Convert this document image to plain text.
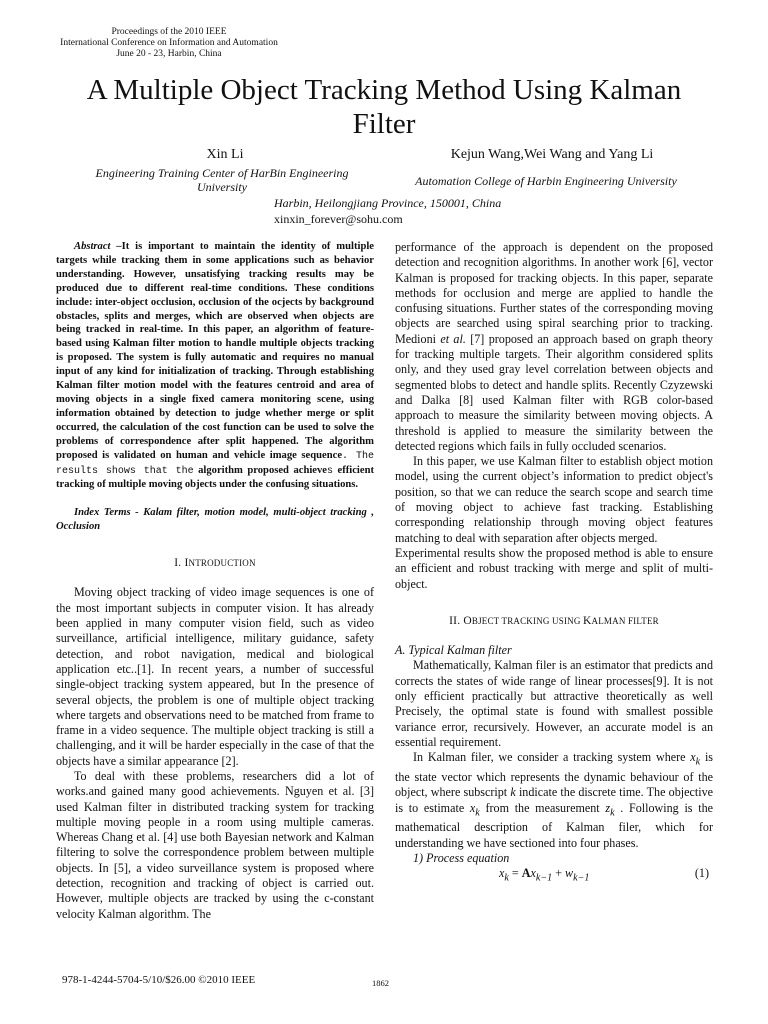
Proceedings of the 2010 IEEE
International Conference on Information and Automation
June 20 - 23, Harbin, China
A Multiple Object Tracking Method Using Kalman Filter
Xin Li	Kejun Wang,Wei Wang and Yang Li
Engineering Training Center of HarBin Engineering University	Automation College of Harbin Engineering University
Harbin, Heilongjiang Province, 150001, China
xinxin_forever@sohu.com

Abstract –It is important to maintain the identity of multiple targets while tracking them in some applications such as behavior understanding. However, unsatisfying tracking results may be produced due to different real-time conditions. These conditions include: inter-object occlusion, occlusion of the ocjects by background obstacles, splits and merges, which are observed when objects are being tracked in real-time. In this paper, an algorithm of feature-based using Kalman filter motion to handle multiple objects tracking is proposed. The system is fully automatic and requires no manual input of any kind for initialization of tracking. Through establishing Kalman filter motion model with the features centroid and area of moving objects in a single fixed camera monitoring scene, using information obtained by detection to judge whether merge or split occurred, the calculation of the cost function can be used to solve the problems of correspondence after split happened. The algorithm proposed is validated on human and vehicle image sequence. The results shows that the algorithm proposed achieves efficient tracking of multiple moving objects under the confusing situations.

Index Terms - Kalam filter, motion model, multi-object tracking , Occlusion

I. INTRODUCTION

Moving object tracking of video image sequences is one of the most important subjects in computer vision. It has already been applied in many computer vision field, such as video surveillance, artificial intelligence, military guidance, safety detection, and robot navigation, medical and biological application etc..[1]. In recent years, a number of successful single-object tracking system appeared, but In the presence of several objects, the problem is one of multiple object tracking where targets and observations need to be matched from frame to frame in a video sequence. The multiple object tracking is still a challenging, and it will be harder especially in the case of that the objects have a similar appearance [2].

To deal with these problems, researchers did a lot of works.and gained many good achievements. Nguyen et al. [3] used Kalman filter in distributed tracking system for tracking multiple moving people in a room using multiple cameras. Whereas Chang et al. [4] use both Bayesian network and Kalman filtering to solve the correspondence problem between multiple objects. In [5], a video surveillance system is proposed where detection, recognition and tracking of object is carried out. However, multiple objects are tracked by using the c-constant velocity Kalman algorithm. The

performance of the approach is dependent on the proposed detection and recognition algorithms. In another work [6], vector Kalman is proposed for tracking objects. In this paper, separate methods for occlusion and merge are applied to handle the confusing situations. Further states of the corresponding moving objects are searched using spiral searching prior to tracking. Medioni et al. [7] proposed an approach based on graph theory for tracking multiple targets. Their algorithm considered splits only, and they used gray level correlation between objects and segmented blobs to detect and handle splits. Recently Czyzewski and Dalka [8] used Kalman filter with RGB color-based approach to measure the similarity between moving objects. A threshold is applied to measure the similarity between the detected regions which fails in fully occluded scenarios.

In this paper, we use Kalman filter to establish object motion model, using the current object’s information to predict object's position, so that we can reduce the search scope and search time of moving object to achieve fast tracking. Establishing corresponding relationship through moving object features matching to deal with separation after objects merged.

Experimental results show the proposed method is able to ensure an efficient and robust tracking with merge and split of multi-object.

II. OBJECT TRACKING USING KALMAN FILTER

A. Typical Kalman filter

Mathematically, Kalman filer is an estimator that predicts and corrects the states of wide range of linear processes[9]. It is not only efficient practically but attractive theoretically as well Precisely, the optimal state is found with smallest possible variance error, recursively. However, an accurate model is an essential requirement.

In Kalman filer, we consider a tracking system where $x_k$ is the state vector which represents the dynamic behaviour of the object, where subscript k indicate the discrete time. The objective is to estimate $x_k$ from the measurement $z_k$ . Following is the mathematical description of Kalman filer, which for understanding we have sectioned into four phases.

1) Process equation

$x_k = Ax_{k-1} + w_{k-1}$	(1)
978-1-4244-5704-5/10/$26.00 ©2010 IEEE	1862
